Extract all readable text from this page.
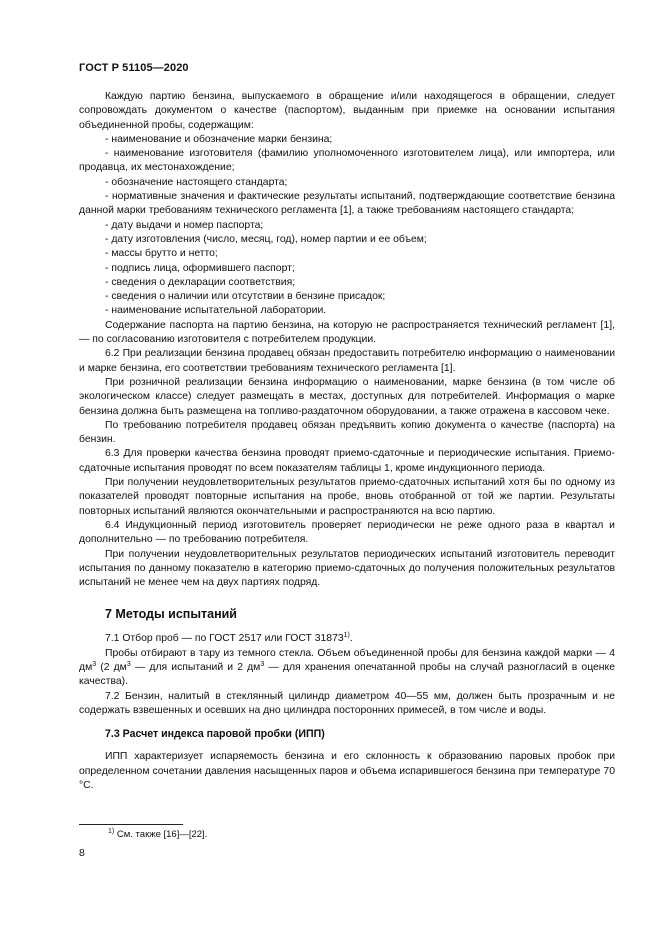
ГОСТ Р 51105—2020

Каждую партию бензина, выпускаемого в обращение и/или находящегося в обращении, следует сопровождать документом о качестве (паспортом), выданным при приемке на основании испытания объединенной пробы, содержащим:

- наименование и обозначение марки бензина;

- наименование изготовителя (фамилию уполномоченного изготовителем лица), или импортера, или продавца, их местонахождение;

- обозначение настоящего стандарта;

- нормативные значения и фактические результаты испытаний, подтверждающие соответствие бензина данной марки требованиям технического регламента [1], а также требованиям настоящего стандарта;

- дату выдачи и номер паспорта;

- дату изготовления (число, месяц, год), номер партии и ее объем;

- массы брутто и нетто;

- подпись лица, оформившего паспорт;

- сведения о декларации соответствия;

- сведения о наличии или отсутствии в бензине присадок;

- наименование испытательной лаборатории.

Содержание паспорта на партию бензина, на которую не распространяется технический регламент [1], — по согласованию изготовителя с потребителем продукции.

6.2 При реализации бензина продавец обязан предоставить потребителю информацию о наименовании и марке бензина, его соответствии требованиям технического регламента [1].

При розничной реализации бензина информацию о наименовании, марке бензина (в том числе об экологическом классе) следует размещать в местах, доступных для потребителей. Информация о марке бензина должна быть размещена на топливо-раздаточном оборудовании, а также отражена в кассовом чеке.

По требованию потребителя продавец обязан предъявить копию документа о качестве (паспорта) на бензин.

6.3 Для проверки качества бензина проводят приемо-сдаточные и периодические испытания. Приемо-сдаточные испытания проводят по всем показателям таблицы 1, кроме индукционного периода.

При получении неудовлетворительных результатов приемо-сдаточных испытаний хотя бы по одному из показателей проводят повторные испытания на пробе, вновь отобранной от той же партии. Результаты повторных испытаний являются окончательными и распространяются на всю партию.

6.4 Индукционный период изготовитель проверяет периодически не реже одного раза в квартал и дополнительно — по требованию потребителя.

При получении неудовлетворительных результатов периодических испытаний изготовитель переводит испытания по данному показателю в категорию приемо-сдаточных до получения положительных результатов испытаний не менее чем на двух партиях подряд.

7 Методы испытаний

7.1 Отбор проб — по ГОСТ 2517 или ГОСТ 31873$^{1)}$.

Пробы отбирают в тару из темного стекла. Объем объединенной пробы для бензина каждой марки — 4 $дм^3$ (2 $дм^3$ — для испытаний и 2 $дм^3$ — для хранения опечатанной пробы на случай разногласий в оценке качества).

7.2 Бензин, налитый в стеклянный цилиндр диаметром 40—55 мм, должен быть прозрачным и не содержать взвешенных и осевших на дно цилиндра посторонних примесей, в том числе и воды.

7.3 Расчет индекса паровой пробки (ИПП)

ИПП характеризует испаряемость бензина и его склонность к образованию паровых пробок при определенном сочетании давления насыщенных паров и объема испарившегося бензина при температуре 70 °С.

$^{1)}$ См. также [16]—[22].
8
